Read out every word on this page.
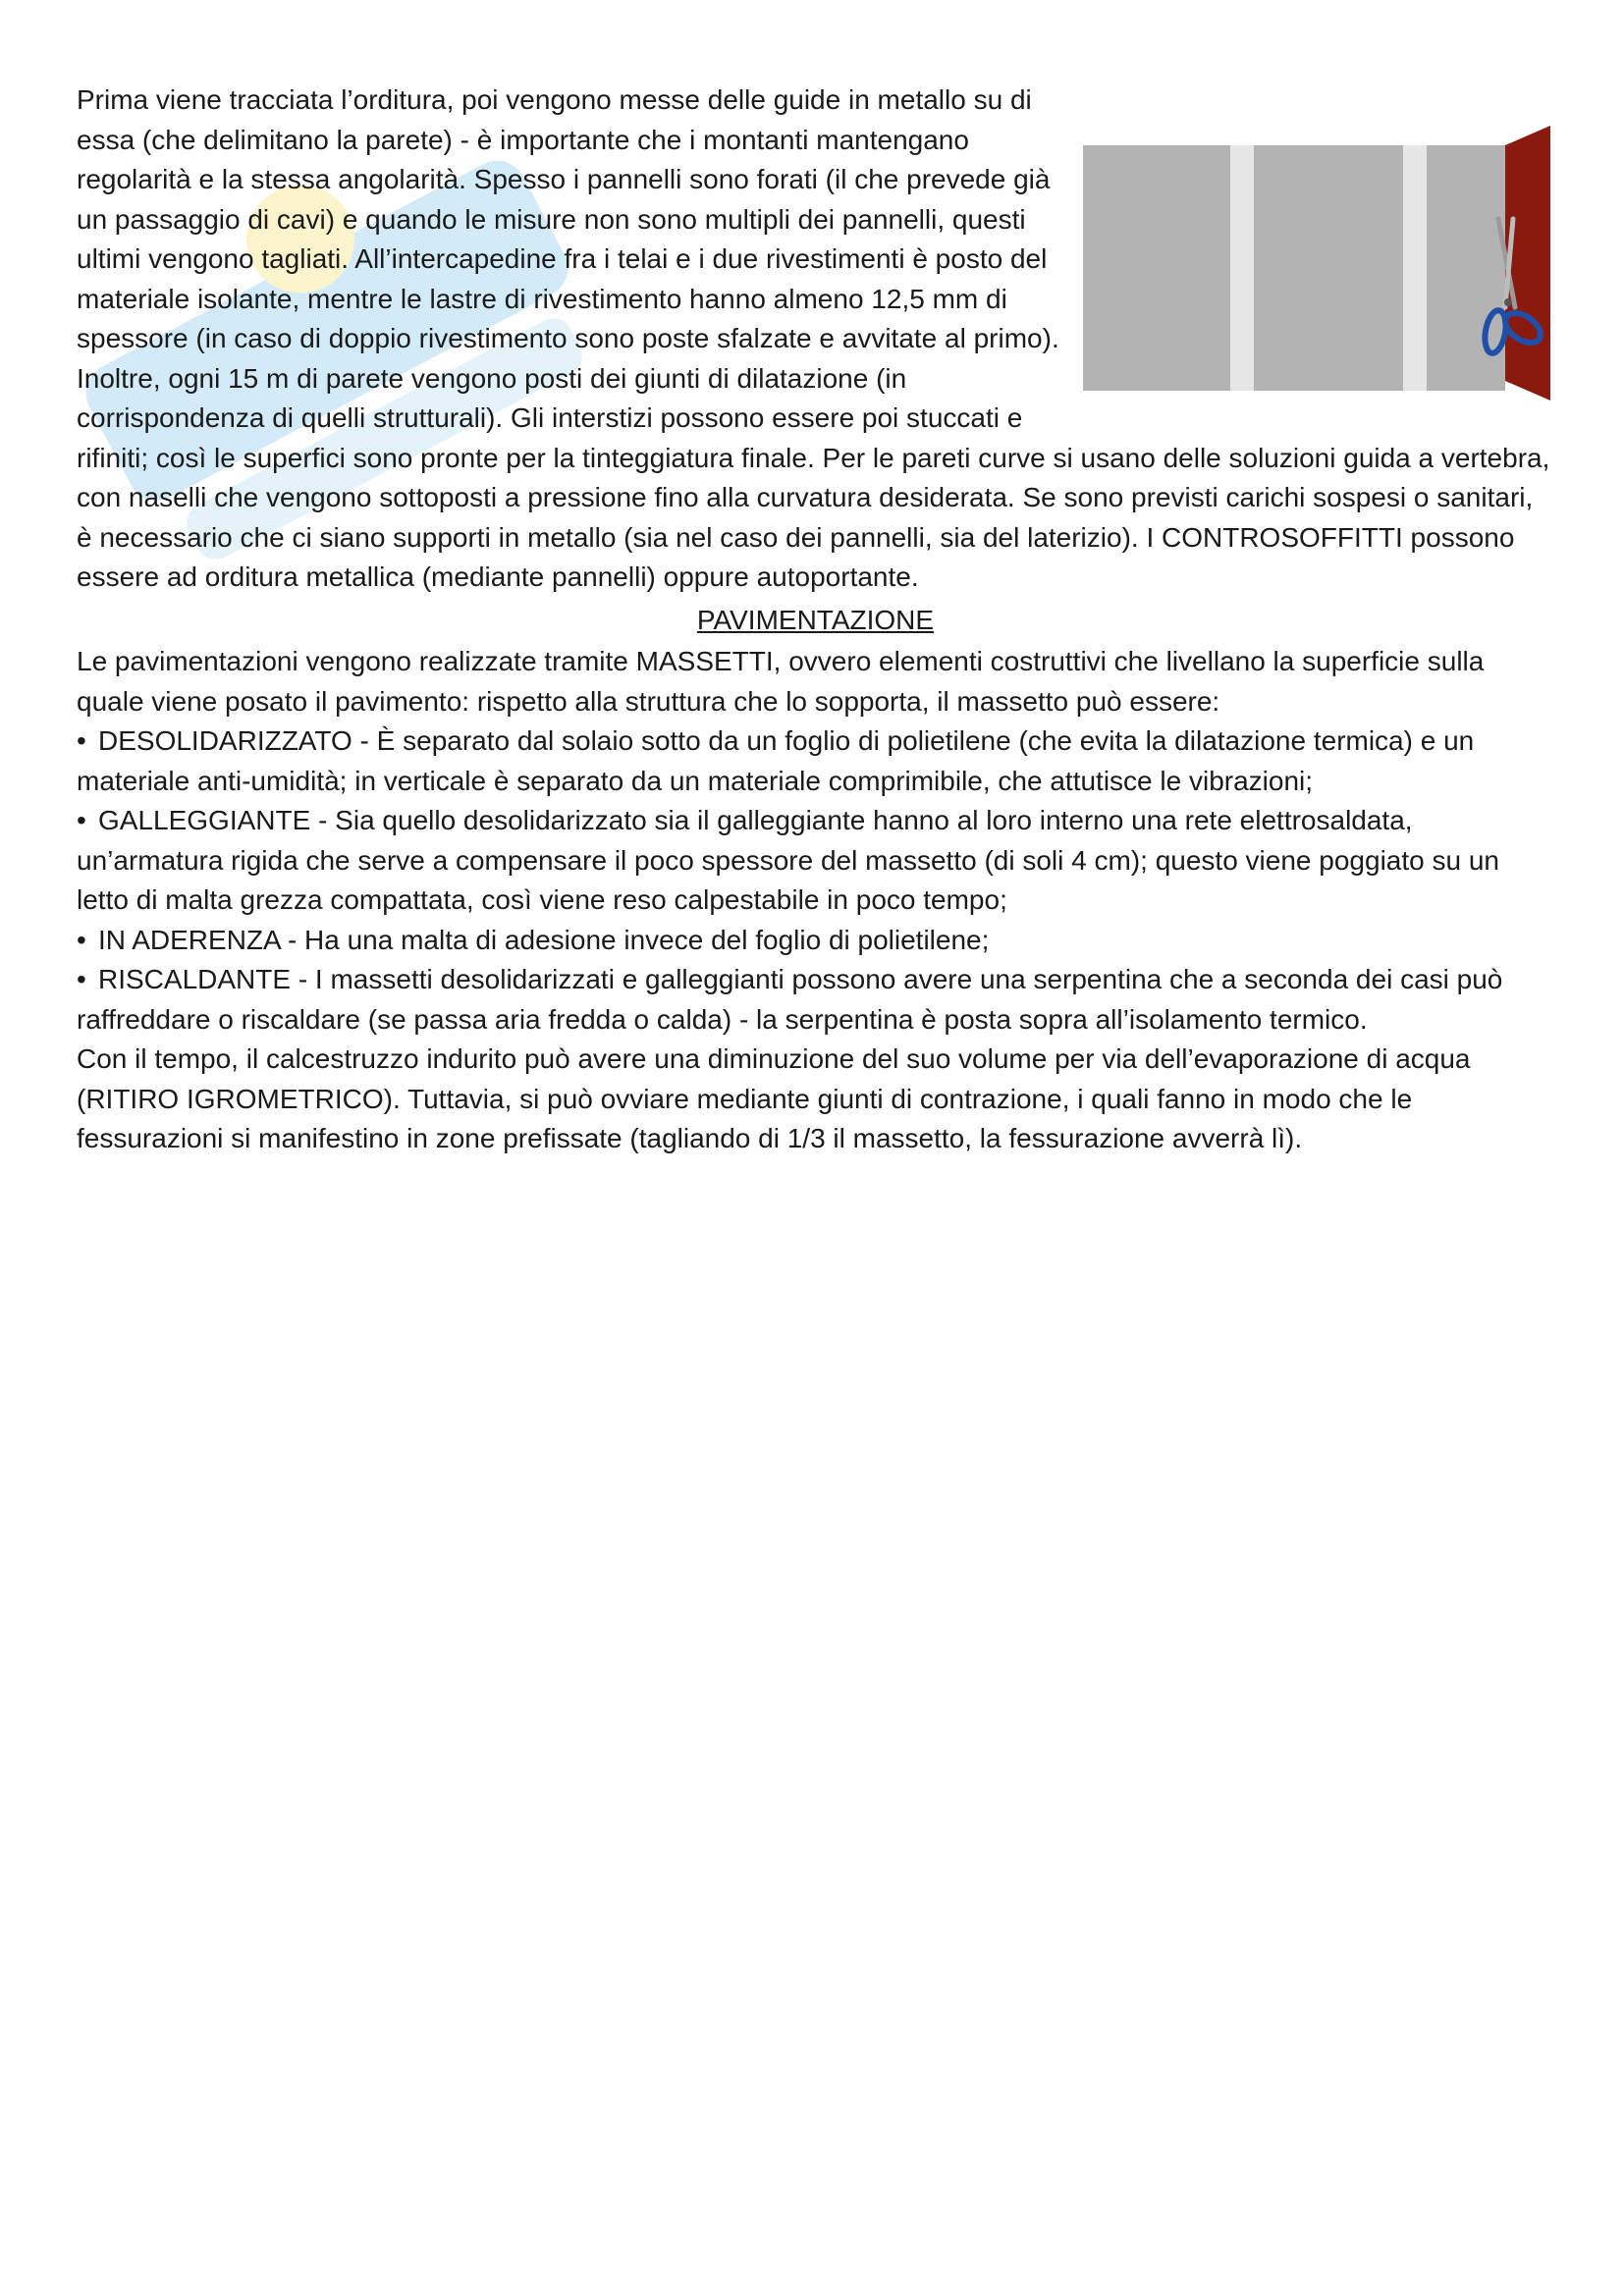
Prima viene tracciata l’orditura, poi vengono messe delle guide in metallo su di essa (che delimitano la parete) - è importante che i montanti mantengano regolarità e la stessa angolarità. Spesso i pannelli sono forati (il che prevede già un passaggio di cavi) e quando le misure non sono multipli dei pannelli, questi ultimi vengono tagliati. All’intercapedine fra i telai e i due rivestimenti è posto del materiale isolante, mentre le lastre di rivestimento hanno almeno 12,5 mm di spessore (in caso di doppio rivestimento sono poste sfalzate e avvitate al primo). Inoltre, ogni 15 m di parete vengono posti dei giunti di dilatazione (in corrispondenza di quelli strutturali). Gli interstizi possono essere poi stuccati e rifiniti; così le superfici sono pronte per la tinteggiatura finale. Per le pareti curve si usano delle soluzioni guida a vertebra, con naselli che vengono sottoposti a pressione fino alla curvatura desiderata. Se sono previsti carichi sospesi o sanitari, è necessario che ci siano supporti in metallo (sia nel caso dei pannelli, sia del laterizio). I CONTROSOFFITTI possono essere ad orditura metallica (mediante pannelli) oppure autoportante.

PAVIMENTAZIONE

Le pavimentazioni vengono realizzate tramite MASSETTI, ovvero elementi costruttivi che livellano la superficie sulla quale viene posato il pavimento: rispetto alla struttura che lo sopporta, il massetto può essere:

• DESOLIDARIZZATO - È separato dal solaio sotto da un foglio di polietilene (che evita la dilatazione termica) e un materiale anti-umidità; in verticale è separato da un materiale comprimibile, che attutisce le vibrazioni;

• GALLEGGIANTE - Sia quello desolidarizzato sia il galleggiante hanno al loro interno una rete elettrosaldata, un’armatura rigida che serve a compensare il poco spessore del massetto (di soli 4 cm); questo viene poggiato su un letto di malta grezza compattata, così viene reso calpestabile in poco tempo;

• IN ADERENZA - Ha una malta di adesione invece del foglio di polietilene;

• RISCALDANTE - I massetti desolidarizzati e galleggianti possono avere una serpentina che a seconda dei casi può raffreddare o riscaldare (se passa aria fredda o calda) - la serpentina è posta sopra all’isolamento termico.

Con il tempo, il calcestruzzo indurito può avere una diminuzione del suo volume per via dell’evaporazione di acqua (RITIRO IGROMETRICO). Tuttavia, si può ovviare mediante giunti di contrazione, i quali fanno in modo che le fessurazioni si manifestino in zone prefissate (tagliando di 1/3 il massetto, la fessurazione avverrà lì).
